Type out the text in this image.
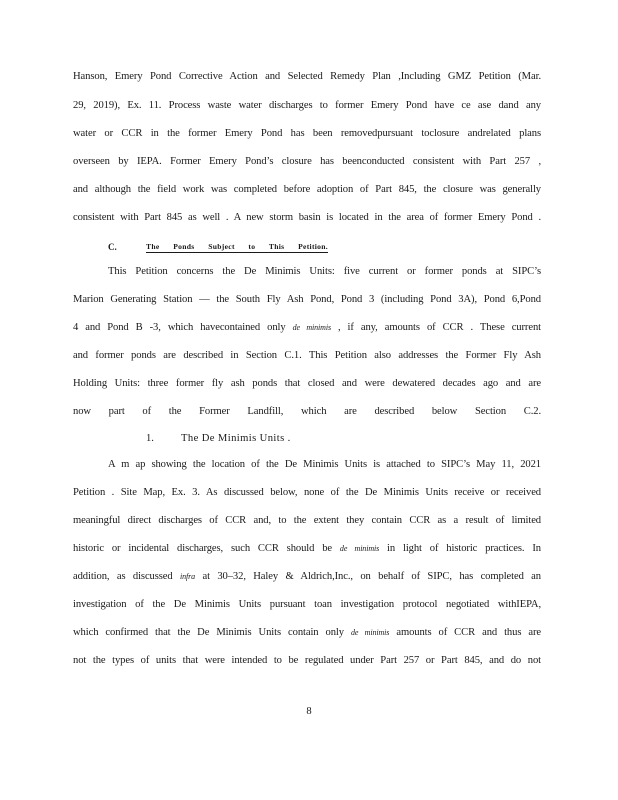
Hanson, Emery Pond Corrective Action and Selected Remedy Plan ,Including GMZ Petition (Mar.
29, 2019), Ex. 11. Process waste water discharges to former Emery Pond have ce ase dand any
water or CCR in the former Emery Pond has been removedpursuant toclosure andrelated plans
overseen by IEPA. Former Emery Pond’s closure has beenconducted consistent with Part 257 ,
and although the field work was completed before adoption of Part 845, the closure was generally
consistent with Part 845 as well . A new storm basin is located in the area of former Emery Pond .
C.	The Ponds Subject to This Petition.
This Petition concerns the De Minimis Units: five current or former ponds at SIPC’s
Marion Generating Station — the South Fly Ash Pond, Pond 3 (including Pond 3A), Pond 6,Pond
4 and Pond B -3, which havecontained only de minimis , if any, amounts of CCR . These current
and former ponds are described in Section C.1. This Petition also addresses the Former Fly Ash
Holding Units: three former fly ash ponds that closed and were dewatered decades ago and are
now part of the Former Landfill, which are described below Section C.2.
1.	The De Minimis Units .
A m ap showing the location of the De Minimis Units is attached to SIPC’s May 11, 2021
Petition . Site Map, Ex. 3. As discussed below, none of the De Minimis Units receive or received
meaningful direct discharges of CCR and, to the extent they contain CCR as a result of limited
historic or incidental discharges, such CCR should be de minimis in light of historic practices. In
addition, as discussed infra at 30–32, Haley & Aldrich,Inc., on behalf of SIPC, has completed an
investigation of the De Minimis Units pursuant toan investigation protocol negotiated withIEPA,
which confirmed that the De Minimis Units contain only de minimis amounts of CCR and thus are
not the types of units that were intended to be regulated under Part 257 or Part 845, and do not
8
